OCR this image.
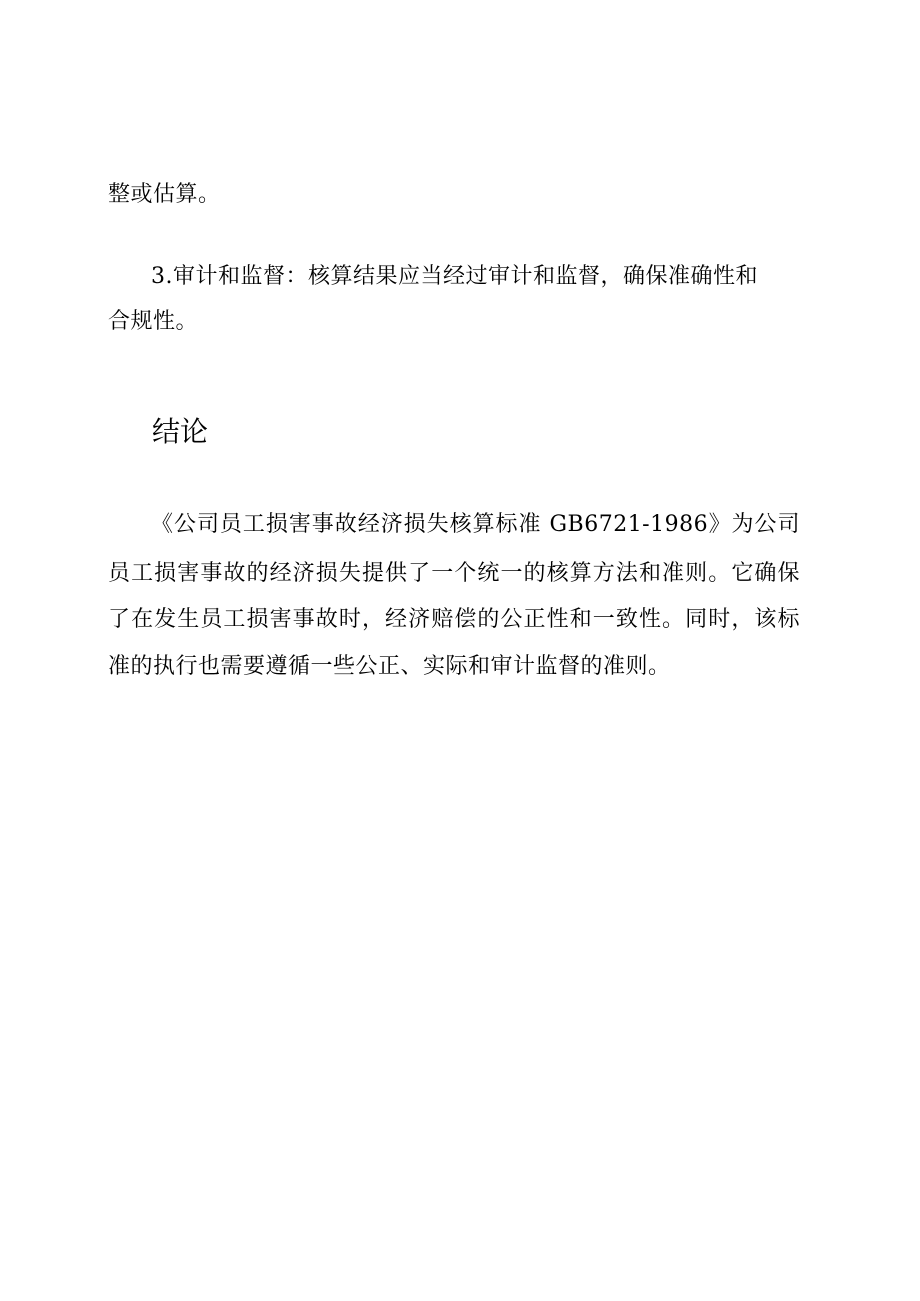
整或估算。

3.审计和监督：核算结果应当经过审计和监督，确保准确性和

合规性。

结论

《公司员工损害事故经济损失核算标准 GB6721-1986》为公司

员工损害事故的经济损失提供了一个统一的核算方法和准则。它确保

了在发生员工损害事故时，经济赔偿的公正性和一致性。同时，该标

准的执行也需要遵循一些公正、实际和审计监督的准则。
